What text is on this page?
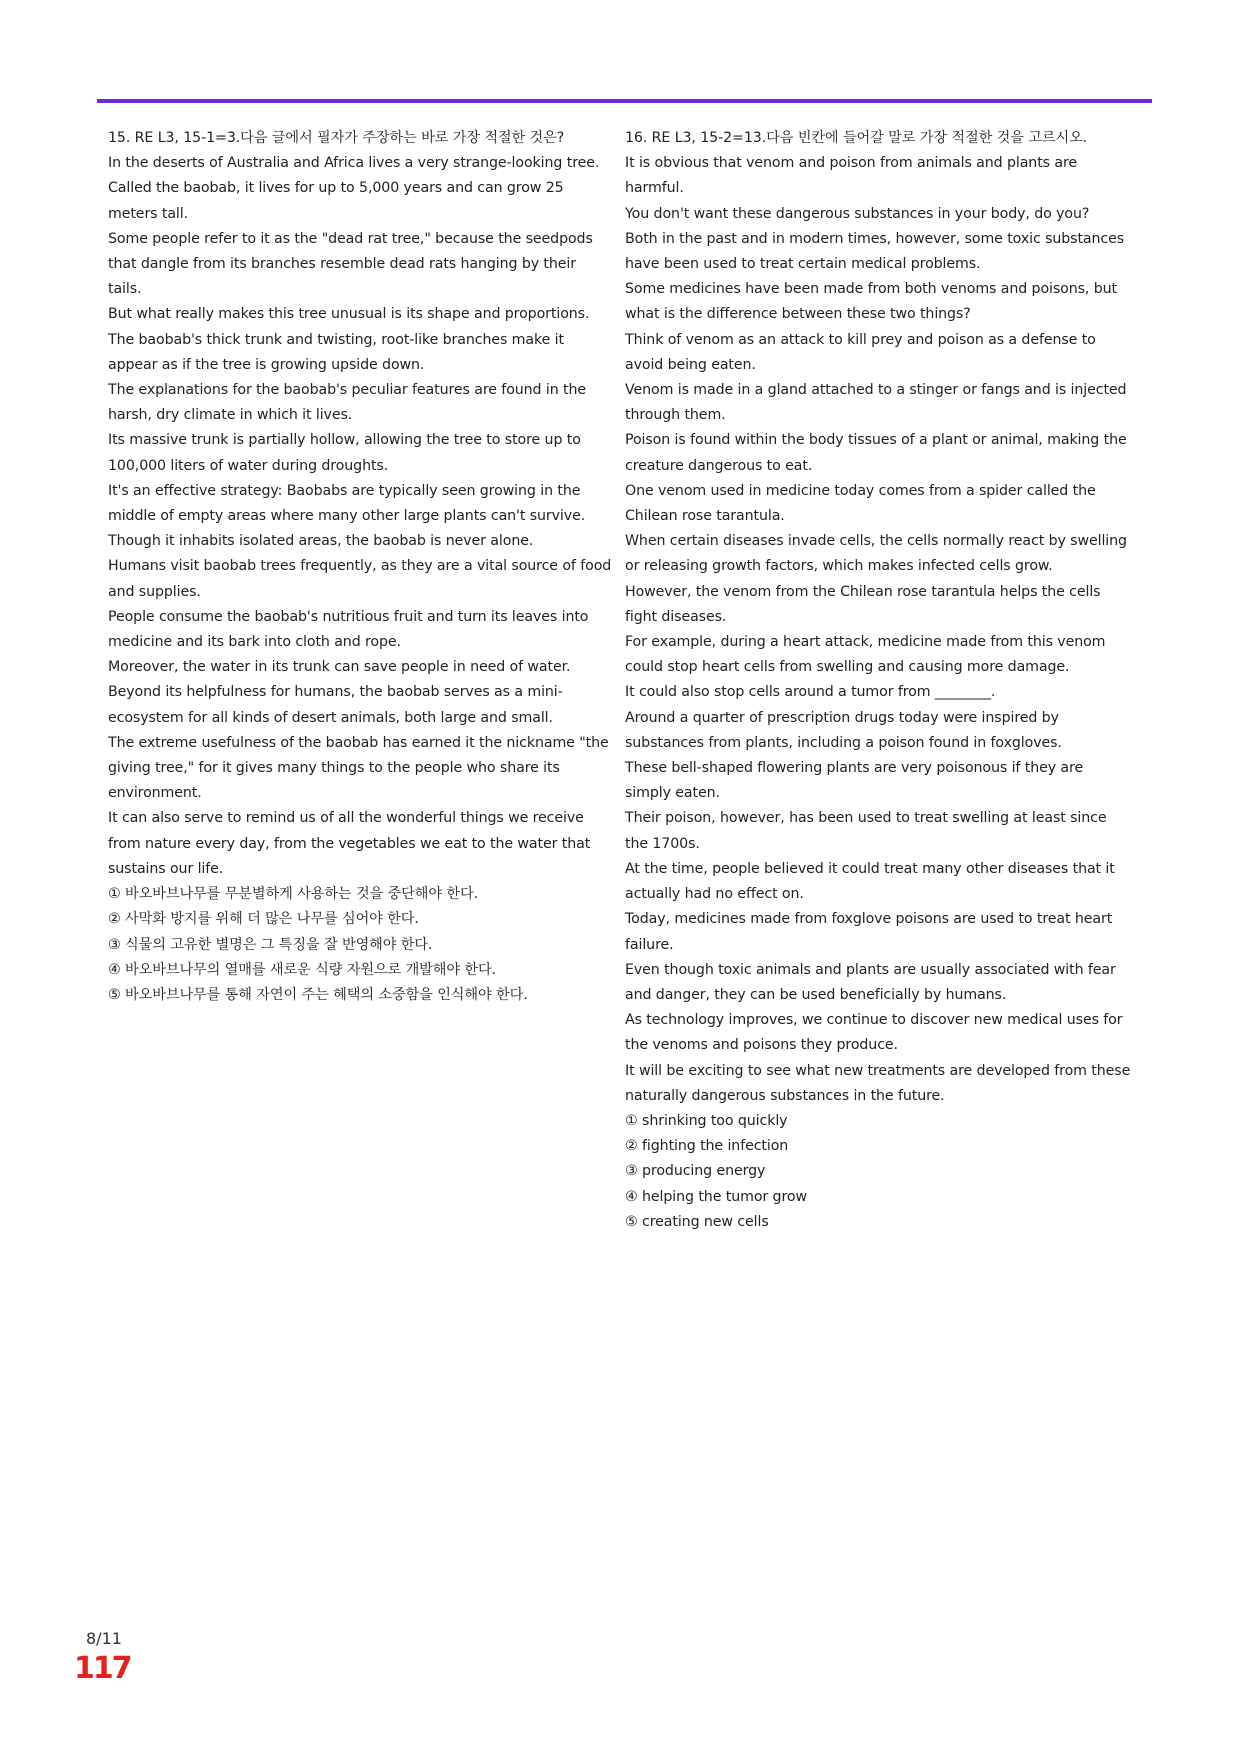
15. RE L3, 15-1=3.다음 글에서 필자가 주장하는 바로 가장 적절한 것은?
In the deserts of Australia and Africa lives a very strange-looking tree.
Called the baobab, it lives for up to 5,000 years and can grow 25 meters tall.
Some people refer to it as the "dead rat tree," because the seedpods that dangle from its branches resemble dead rats hanging by their tails.
But what really makes this tree unusual is its shape and proportions.
The baobab's thick trunk and twisting, root-like branches make it appear as if the tree is growing upside down.
The explanations for the baobab's peculiar features are found in the harsh, dry climate in which it lives.
Its massive trunk is partially hollow, allowing the tree to store up to 100,000 liters of water during droughts.
It's an effective strategy: Baobabs are typically seen growing in the middle of empty areas where many other large plants can't survive.
Though it inhabits isolated areas, the baobab is never alone.
Humans visit baobab trees frequently, as they are a vital source of food and supplies.
People consume the baobab's nutritious fruit and turn its leaves into medicine and its bark into cloth and rope.
Moreover, the water in its trunk can save people in need of water.
Beyond its helpfulness for humans, the baobab serves as a mini-ecosystem for all kinds of desert animals, both large and small.
The extreme usefulness of the baobab has earned it the nickname "the giving tree," for it gives many things to the people who share its environment.
It can also serve to remind us of all the wonderful things we receive from nature every day, from the vegetables we eat to the water that sustains our life.
① 바오바브나무를 무분별하게 사용하는 것을 중단해야 한다.
② 사막화 방지를 위해 더 많은 나무를 심어야 한다.
③ 식물의 고유한 별명은 그 특징을 잘 반영해야 한다.
④ 바오바브나무의 열매를 새로운 식량 자원으로 개발해야 한다.
⑤ 바오바브나무를 통해 자연이 주는 혜택의 소중함을 인식해야 한다.
16. RE L3, 15-2=13.다음 빈칸에 들어갈 말로 가장 적절한 것을 고르시오.
It is obvious that venom and poison from animals and plants are harmful.
You don't want these dangerous substances in your body, do you?
Both in the past and in modern times, however, some toxic substances have been used to treat certain medical problems.
Some medicines have been made from both venoms and poisons, but what is the difference between these two things?
Think of venom as an attack to kill prey and poison as a defense to avoid being eaten.
Venom is made in a gland attached to a stinger or fangs and is injected through them.
Poison is found within the body tissues of a plant or animal, making the creature dangerous to eat.
One venom used in medicine today comes from a spider called the Chilean rose tarantula.
When certain diseases invade cells, the cells normally react by swelling or releasing growth factors, which makes infected cells grow.
However, the venom from the Chilean rose tarantula helps the cells fight diseases.
For example, during a heart attack, medicine made from this venom could stop heart cells from swelling and causing more damage.
It could also stop cells around a tumor from ________.
Around a quarter of prescription drugs today were inspired by substances from plants, including a poison found in foxgloves.
These bell-shaped flowering plants are very poisonous if they are simply eaten.
Their poison, however, has been used to treat swelling at least since the 1700s.
At the time, people believed it could treat many other diseases that it actually had no effect on.
Today, medicines made from foxglove poisons are used to treat heart failure.
Even though toxic animals and plants are usually associated with fear and danger, they can be used beneficially by humans.
As technology improves, we continue to discover new medical uses for the venoms and poisons they produce.
It will be exciting to see what new treatments are developed from these naturally dangerous substances in the future.
① shrinking too quickly
② fighting the infection
③ producing energy
④ helping the tumor grow
⑤ creating new cells
8/11
117
